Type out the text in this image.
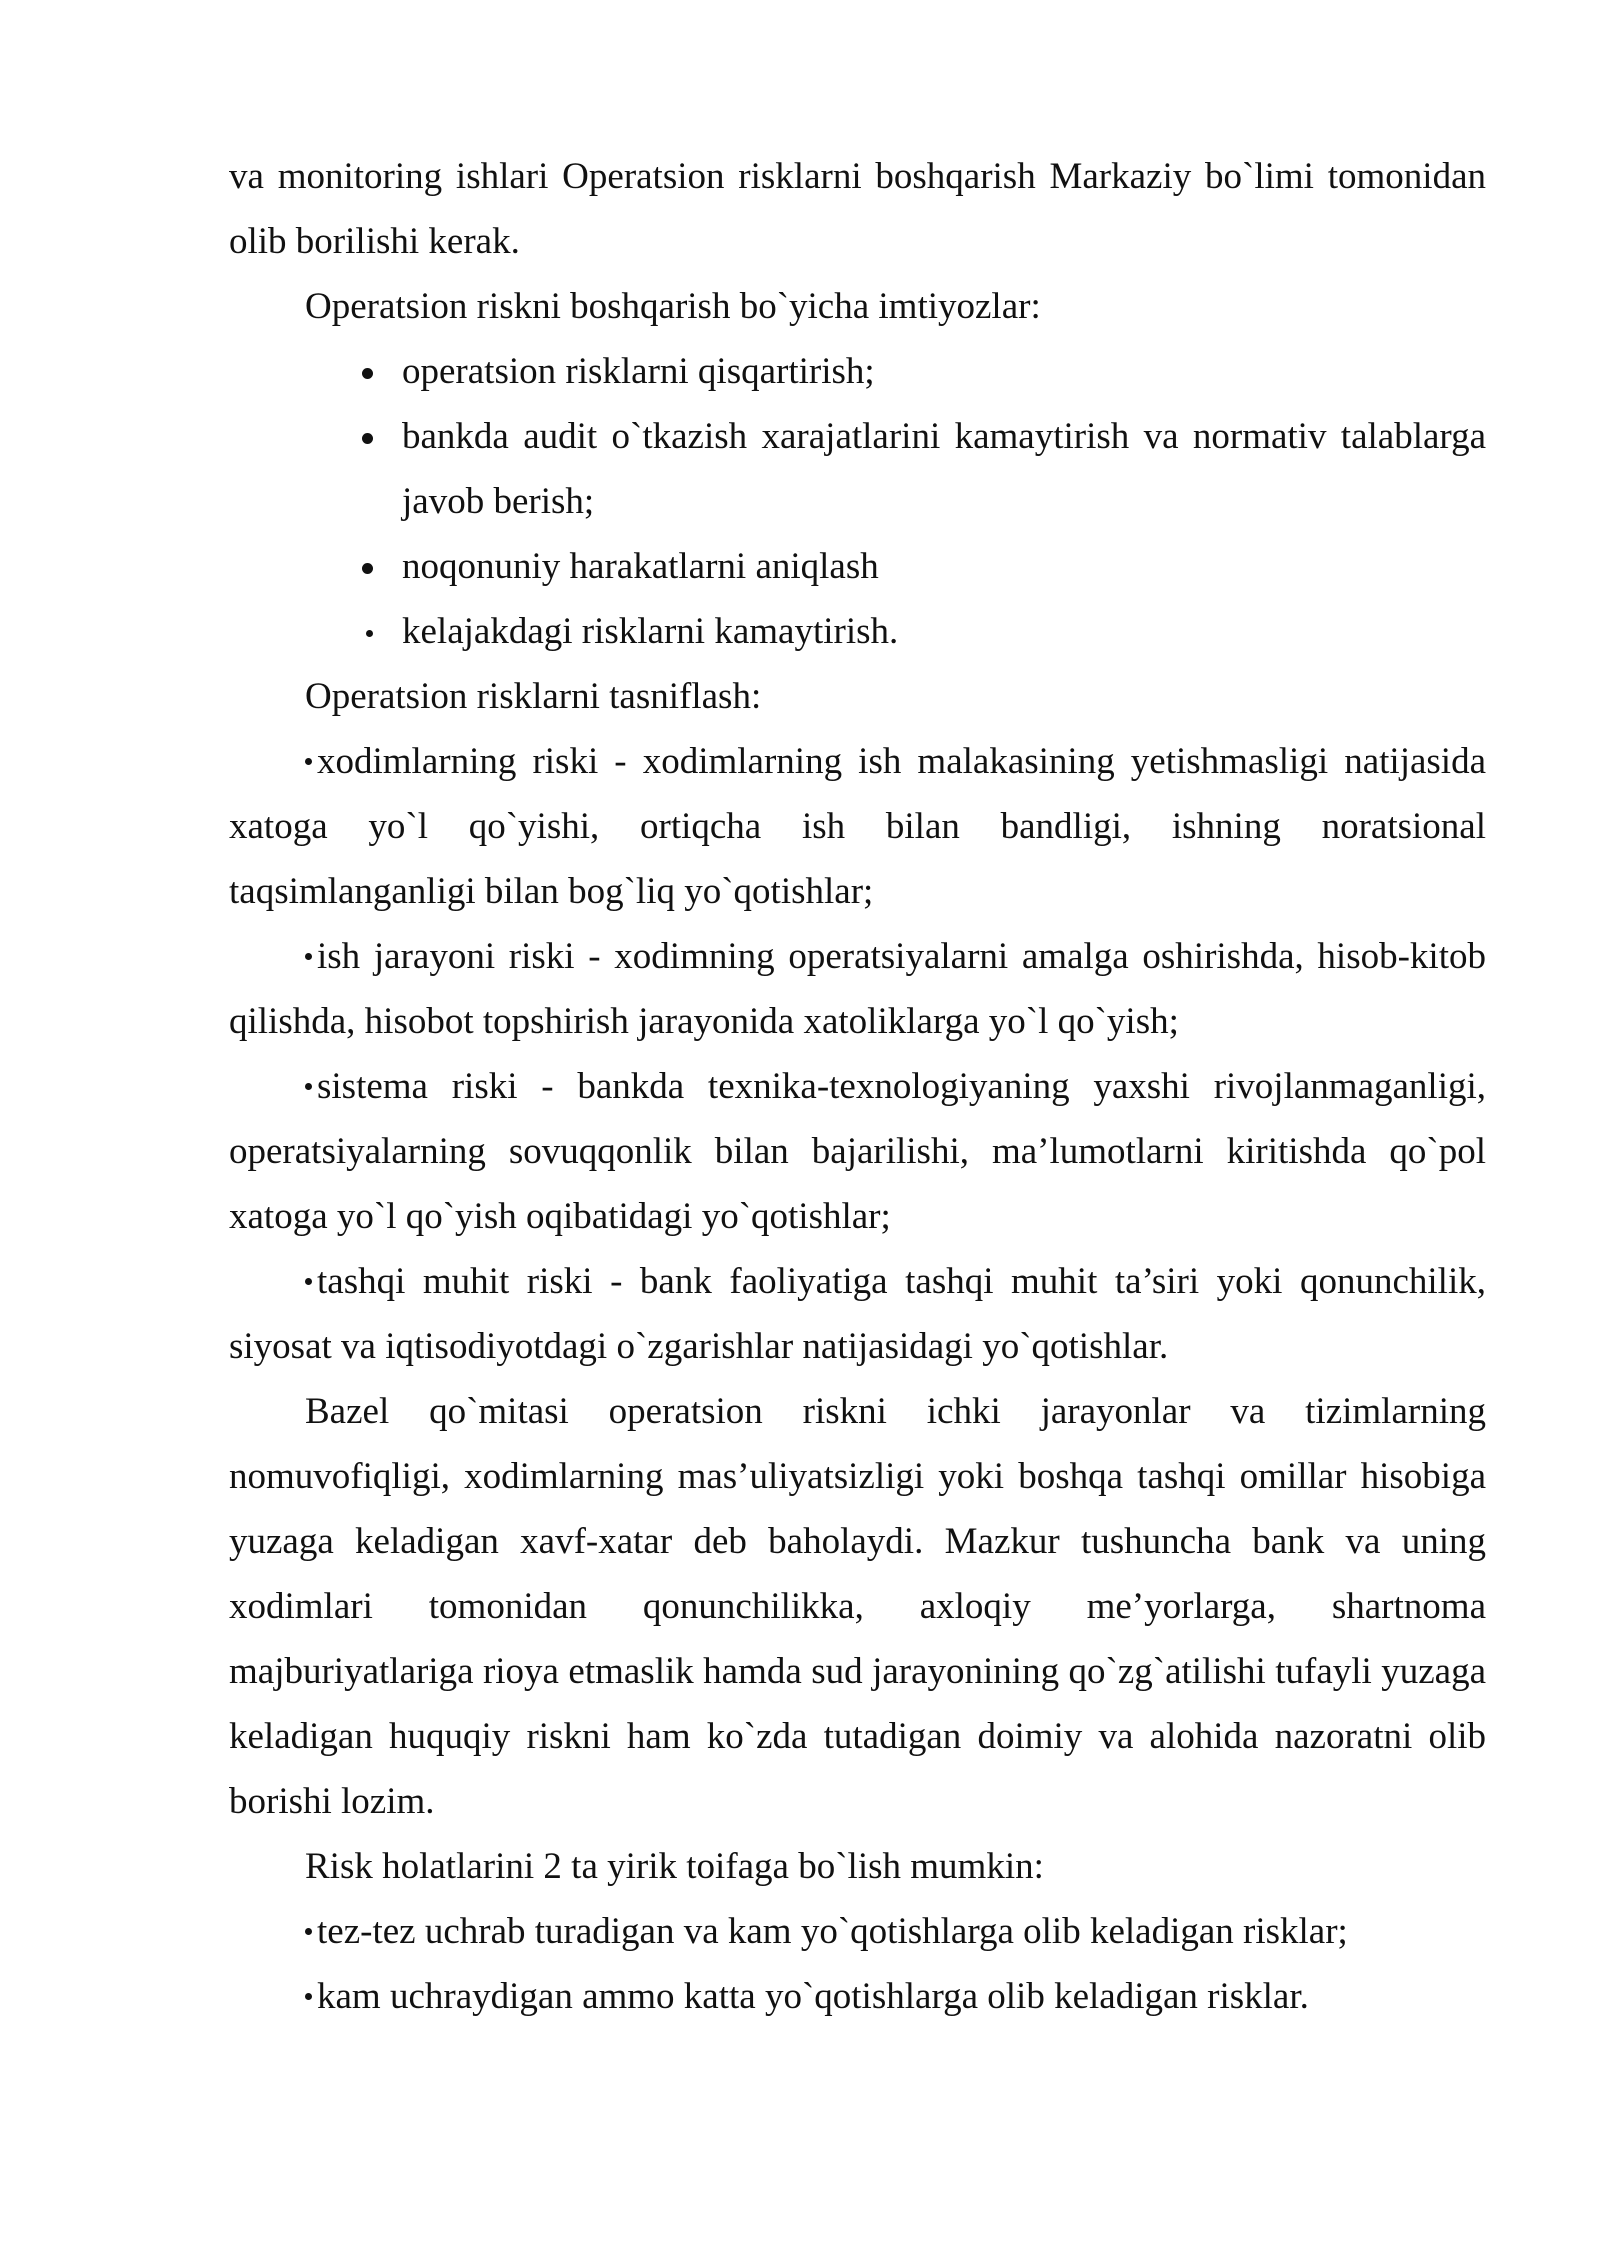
va monitoring ishlari Operatsion risklarni boshqarish Markaziy bo`limi tomonidan olib borilishi kerak.

Operatsion riskni boshqarish bo`yicha imtiyozlar:

operatsion risklarni qisqartirish;
bankda audit o`tkazish xarajatlarini kamaytirish va normativ talablarga javob berish;
noqonuniy harakatlarni aniqlash
kelajakdagi risklarni kamaytirish.

Operatsion risklarni tasniflash:

xodimlarning riski - xodimlarning ish malakasining yetishmasligi natijasida xatoga yo`l qo`yishi, ortiqcha ish bilan bandligi, ishning noratsional taqsimlanganligi bilan bog`liq yo`qotishlar;

ish jarayoni riski - xodimning operatsiyalarni amalga oshirishda, hisob-kitob qilishda, hisobot topshirish jarayonida xatoliklarga yo`l qo`yish;

sistema riski - bankda texnika-texnologiyaning yaxshi rivojlanmaganligi, operatsiyalarning sovuqqonlik bilan bajarilishi, ma’lumotlarni kiritishda qo`pol xatoga yo`l qo`yish oqibatidagi yo`qotishlar;

tashqi muhit riski - bank faoliyatiga tashqi muhit ta’siri yoki qonunchilik, siyosat va iqtisodiyotdagi o`zgarishlar natijasidagi yo`qotishlar.

Bazel qo`mitasi operatsion riskni ichki jarayonlar va tizimlarning nomuvofiqligi, xodimlarning mas’uliyatsizligi yoki boshqa tashqi omillar hisobiga yuzaga keladigan xavf-xatar deb baholaydi. Mazkur tushuncha bank va uning xodimlari tomonidan qonunchilikka, axloqiy me’yorlarga, shartnoma majburiyatlariga rioya etmaslik hamda sud jarayonining qo`zg`atilishi tufayli yuzaga keladigan huquqiy riskni ham ko`zda tutadigan doimiy va alohida nazoratni olib borishi lozim.

Risk holatlarini 2 ta yirik toifaga bo`lish mumkin:

tez-tez uchrab turadigan va kam yo`qotishlarga olib keladigan risklar;

kam uchraydigan ammo katta yo`qotishlarga olib keladigan risklar.
